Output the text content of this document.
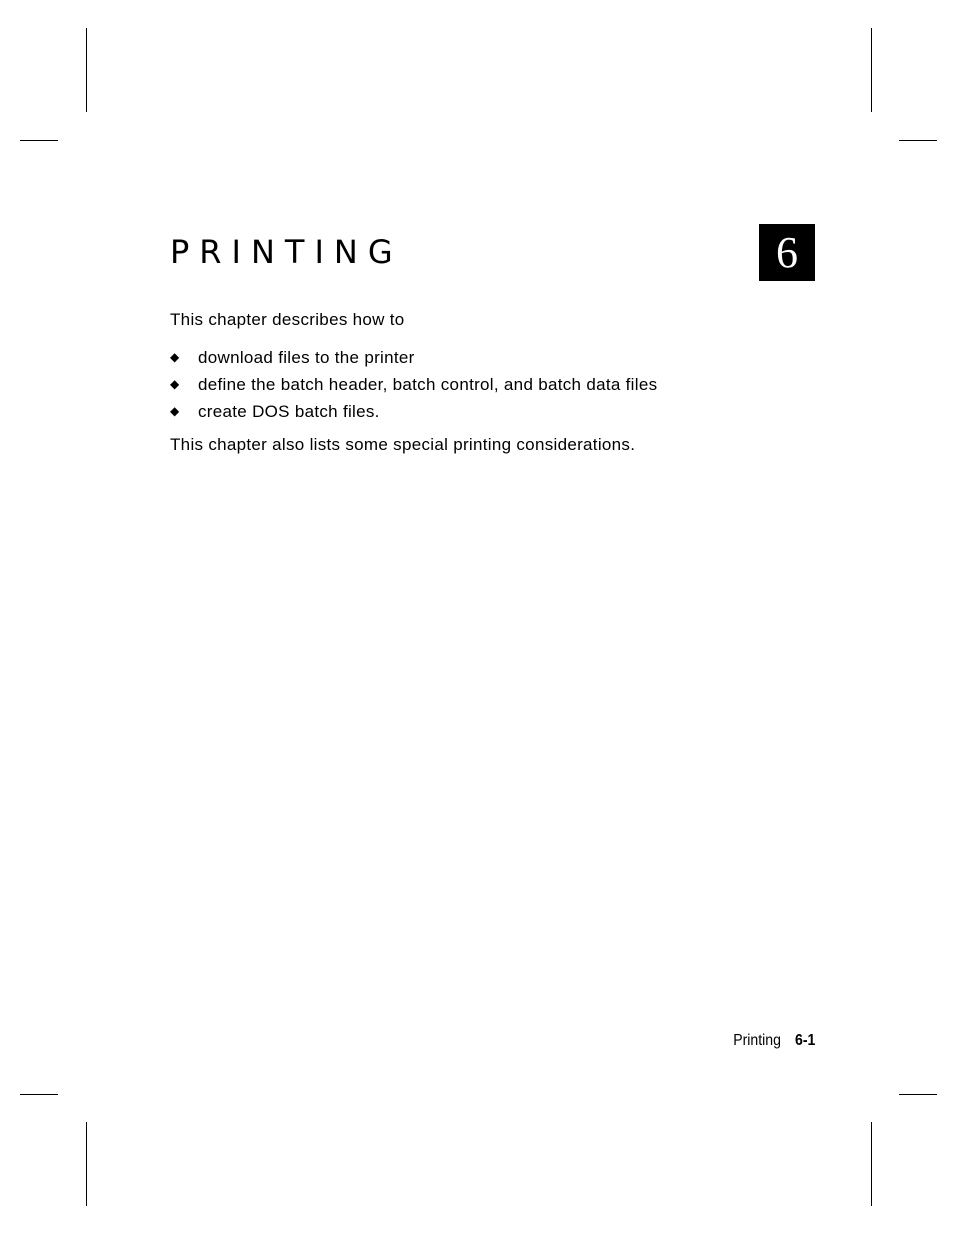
PRINTING	6

This chapter describes how to

◆	download files to the printer
◆	define the batch header, batch control, and batch data files
◆	create DOS batch files.

This chapter also lists some special printing considerations.

Printing 6-1
